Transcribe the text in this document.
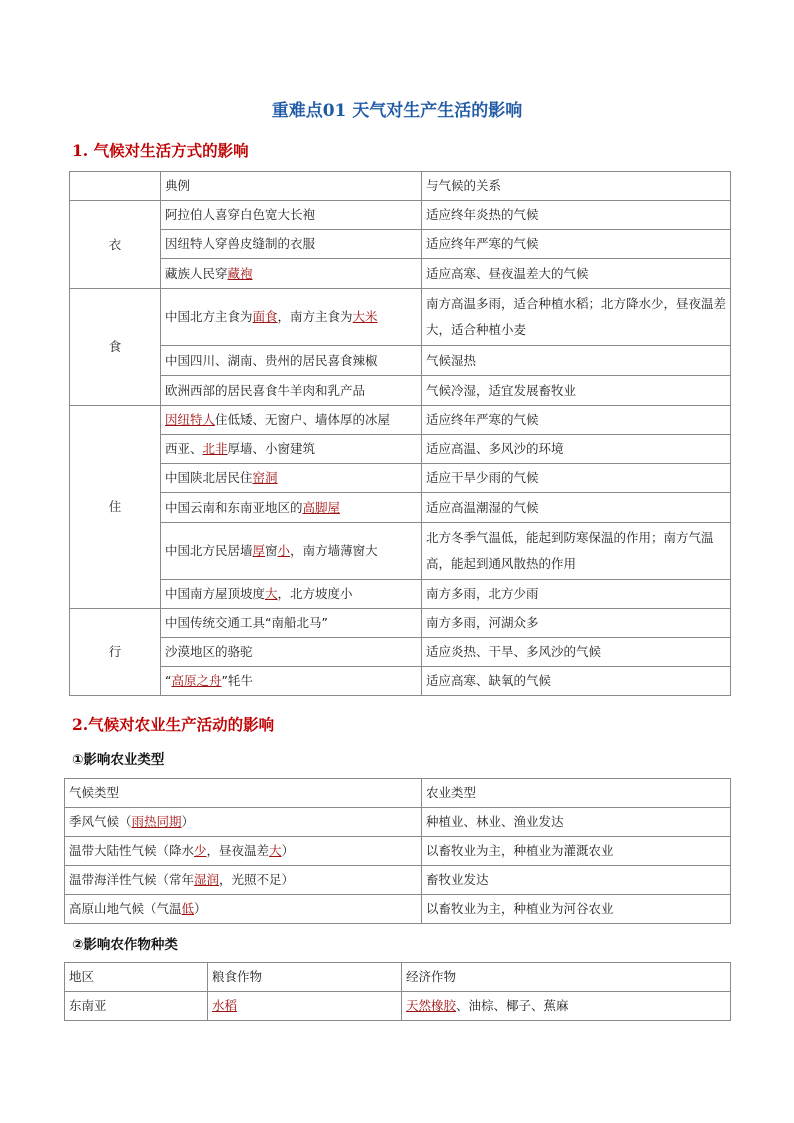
重难点01 天气对生产生活的影响
1. 气候对生活方式的影响
	典例	与气候的关系
衣	阿拉伯人喜穿白色宽大长袍	适应终年炎热的气候
	因纽特人穿兽皮缝制的衣服	适应终年严寒的气候
	藏族人民穿藏袍	适应高寒、昼夜温差大的气候
食	中国北方主食为面食，南方主食为大米	南方高温多雨，适合种植水稻；北方降水少，昼夜温差大，适合种植小麦
	中国四川、湖南、贵州的居民喜食辣椒	气候湿热
	欧洲西部的居民喜食牛羊肉和乳产品	气候冷湿，适宜发展畜牧业
住	因纽特人住低矮、无窗户、墙体厚的冰屋	适应终年严寒的气候
	西亚、北非厚墙、小窗建筑	适应高温、多风沙的环境
	中国陕北居民住窑洞	适应干旱少雨的气候
	中国云南和东南亚地区的高脚屋	适应高温潮湿的气候
	中国北方民居墙厚窗小，南方墙薄窗大	北方冬季气温低，能起到防寒保温的作用；南方气温高，能起到通风散热的作用
	中国南方屋顶坡度大，北方坡度小	南方多雨，北方少雨
行	中国传统交通工具“南船北马”	南方多雨，河湖众多
	沙漠地区的骆驼	适应炎热、干旱、多风沙的气候
	“高原之舟”牦牛	适应高寒、缺氧的气候
2.气候对农业生产活动的影响
①影响农业类型
气候类型	农业类型
季风气候（雨热同期）	种植业、林业、渔业发达
温带大陆性气候（降水少，昼夜温差大）	以畜牧业为主，种植业为灌溉农业
温带海洋性气候（常年湿润，光照不足）	畜牧业发达
高原山地气候（气温低）	以畜牧业为主，种植业为河谷农业
②影响农作物种类
地区	粮食作物	经济作物
东南亚	水稻	天然橡胶、油棕、椰子、蕉麻
